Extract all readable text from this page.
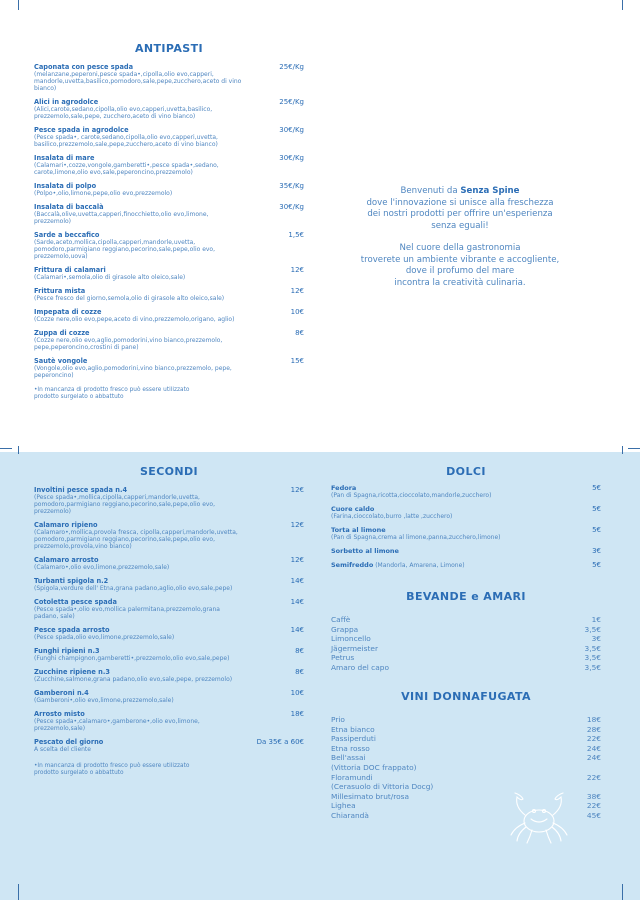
ANTIPASTI
Caponata con pesce spada
(melanzane,peperoni,pesce spada•,cipolla,olio evo,capperi, mandorle,uvetta,basilico,pomodoro,sale,pepe,zucchero,aceto di vino bianco)
25€/Kg
Alici in agrodolce
(Alici,carote,sedano,cipolla,olio evo,capperi,uvetta,basilico, prezzemolo,sale,pepe, zucchero,aceto di vino bianco)
25€/Kg
Pesce spada in agrodolce
(Pesce spada•, carote,sedano,cipolla,olio evo,capperi,uvetta, basilico,prezzemolo,sale,pepe,zucchero,aceto di vino bianco)
30€/Kg
Insalata di mare
(Calamari•,cozze,vongole,gamberetti•,pesce spada•,sedano, carote,limone,olio evo,sale,peperoncino,prezzemolo)
30€/Kg
Insalata di polpo
(Polpo•,olio,limone,pepe,olio evo,prezzemolo)
35€/Kg
Insalata di baccalà
(Baccalà,olive,uvetta,capperi,finocchietto,olio evo,limone, prezzemolo)
30€/Kg
Sarde a beccafico
(Sarde,aceto,mollica,cipolla,capperi,mandorle,uvetta, pomodoro,parmigiano reggiano,pecorino,sale,pepe,olio evo, prezzemolo,uova)
1,5€
Frittura di calamari
(Calamari•,semola,olio di girasole alto oleico,sale)
12€
Frittura mista
(Pesce fresco del giorno,semola,olio di girasole alto oleico,sale)
12€
Impepata di cozze
(Cozze nere,olio evo,pepe,aceto di vino,prezzemolo,origano, aglio)
10€
Zuppa di cozze
(Cozze nere,olio evo,aglio,pomodorini,vino bianco,prezzemolo, pepe,peperoncino,crostini di pane)
8€
Sautè vongole
(Vongole,olio evo,aglio,pomodorini,vino bianco,prezzemolo, pepe, peperoncino)
15€
•In mancanza di prodotto fresco può essere utilizzato prodotto surgelato o abbattuto
Benvenuti da Senza Spine
dove l'innovazione si unisce alla freschezza
dei nostri prodotti per offrire un'esperienza
senza eguali!
Nel cuore della gastronomia
troverete un ambiente vibrante e accogliente,
dove il profumo del mare
incontra la creatività culinaria.
SECONDI
Involtini pesce spada n.4
(Pesce spada•,mollica,cipolla,capperi,mandorle,uvetta, pomodoro,parmigiano reggiano,pecorino,sale,pepe,olio evo, prezzemolo)
12€
Calamaro ripieno
(Calamaro•,mollica,provola fresca, cipolla,capperi,mandorle,uvetta, pomodoro,parmigiano reggiano,pecorino,sale,pepe,olio evo, prezzemolo,provola,vino bianco)
12€
Calamaro arrosto
(Calamaro•,olio evo,limone,prezzemolo,sale)
12€
Turbanti spigola n.2
(Spigola,verdure dell' Etna,grana padano,aglio,olio evo,sale,pepe)
14€
Cotoletta pesce spada
(Pesce spada•,olio evo,mollica palermitana,prezzemolo,grana padano, sale)
14€
Pesce spada arrosto
(Pesce spada,olio evo,limone,prezzemolo,sale)
14€
Funghi ripieni n.3
(Funghi champignon,gamberetti•,prezzemolo,olio evo,sale,pepe)
8€
Zucchine ripiene n.3
(Zucchine,salmone,grana padano,olio evo,sale,pepe, prezzemolo)
8€
Gamberoni n.4
(Gamberoni•,olio evo,limone,prezzemolo,sale)
10€
Arrosto misto
(Pesce spada•,calamaro•,gamberone•,olio evo,limone, prezzemolo,sale)
18€
Pescato del giorno
A scelta del cliente
Da 35€ a 60€
•In mancanza di prodotto fresco può essere utilizzato prodotto surgelato o abbattuto
DOLCI
Fedora
(Pan di Spagna,ricotta,cioccolato,mandorle,zucchero)
5€
Cuore caldo
(Farina,cioccolato,burro ,latte ,zucchero)
5€
Torta al limone
(Pan di Spagna,crema al limone,panna,zucchero,limone)
5€
Sorbetto al limone	3€
Semifreddo (Mandorla, Amarena, Limone)	5€
BEVANDE e AMARI
Caffè	1€
Grappa	3,5€
Limoncello	3€
Jägermeister	3,5€
Petrus	3,5€
Amaro del capo	3,5€
VINI DONNAFUGATA
Prio	18€
Etna bianco	28€
Passiperduti	22€
Etna rosso	24€
Bell'assai	24€
(Vittoria DOC frappato)
Floramundi	22€
(Cerasuolo di Vittoria Docg)
Millesimato brut/rosa	38€
Lighea	22€
Chiarandà	45€
